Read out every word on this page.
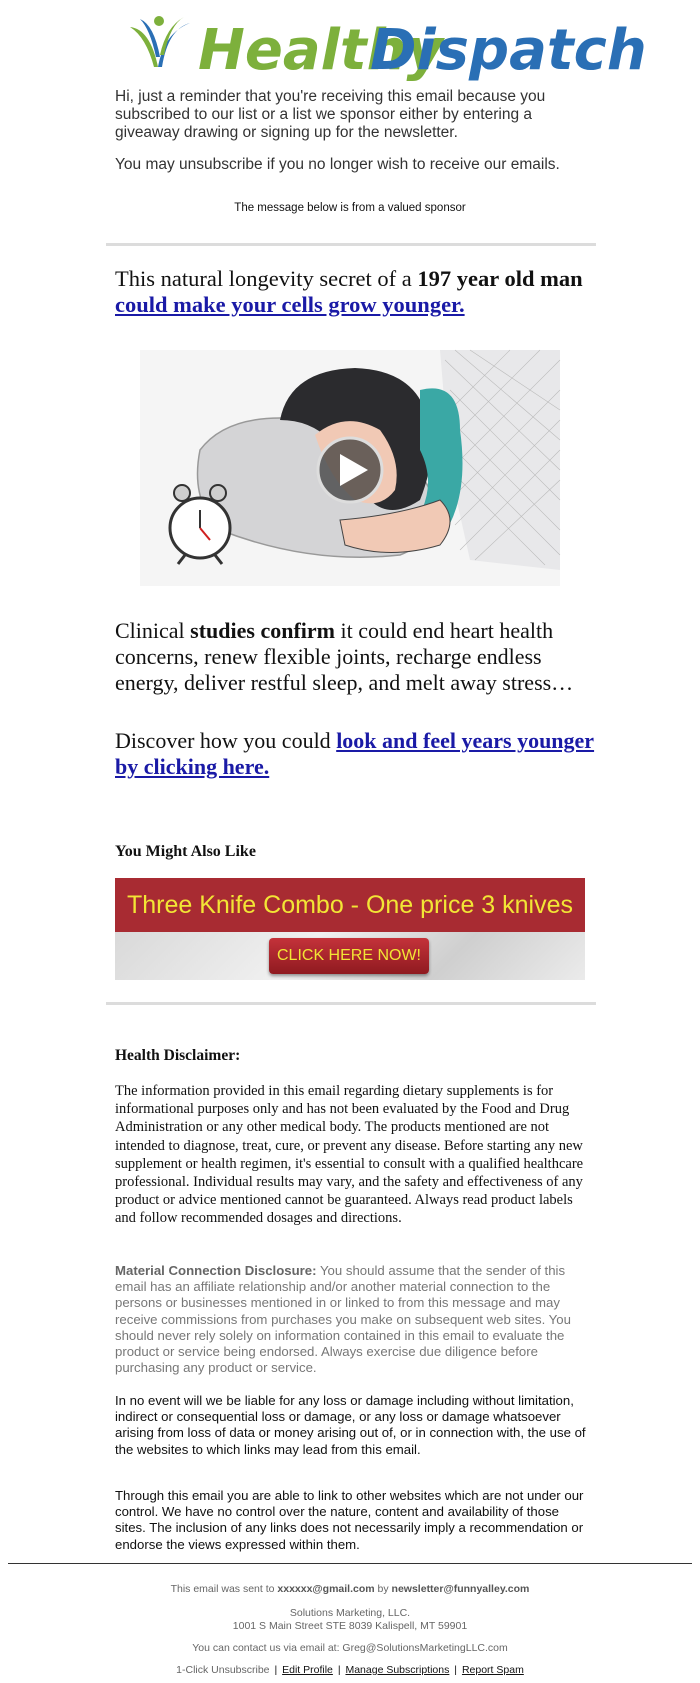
Healthy
Dispatch
Hi, just a reminder that you're receiving this email because you subscribed to our list or a list we sponsor either by entering a giveaway drawing or signing up for the newsletter.
You may unsubscribe if you no longer wish to receive our emails.
The message below is from a valued sponsor
This natural longevity secret of a 197 year old man could make your cells grow younger.
Clinical studies confirm it could end heart health concerns, renew flexible joints, recharge endless energy, deliver restful sleep, and melt away stress…
Discover how you could look and feel years younger by clicking here.
You Might Also Like
Three Knife Combo - One price 3 knives
CLICK HERE NOW!
Health Disclaimer:
The information provided in this email regarding dietary supplements is for informational purposes only and has not been evaluated by the Food and Drug Administration or any other medical body. The products mentioned are not intended to diagnose, treat, cure, or prevent any disease. Before starting any new supplement or health regimen, it's essential to consult with a qualified healthcare professional. Individual results may vary, and the safety and effectiveness of any product or advice mentioned cannot be guaranteed. Always read product labels and follow recommended dosages and directions.
Material Connection Disclosure: You should assume that the sender of this email has an affiliate relationship and/or another material connection to the persons or businesses mentioned in or linked to from this message and may receive commissions from purchases you make on subsequent web sites. You should never rely solely on information contained in this email to evaluate the product or service being endorsed. Always exercise due diligence before purchasing any product or service.
In no event will we be liable for any loss or damage including without limitation, indirect or consequential loss or damage, or any loss or damage whatsoever arising from loss of data or money arising out of, or in connection with, the use of the websites to which links may lead from this email.
Through this email you are able to link to other websites which are not under our control. We have no control over the nature, content and availability of those sites. The inclusion of any links does not necessarily imply a recommendation or endorse the views expressed within them.
This email was sent to xxxxxx@gmail.com by newsletter@funnyalley.com
Solutions Marketing, LLC.
1001 S Main Street STE 8039 Kalispell, MT 59901
You can contact us via email at: Greg@SolutionsMarketingLLC.com
1-Click Unsubscribe | Edit Profile | Manage Subscriptions | Report Spam
